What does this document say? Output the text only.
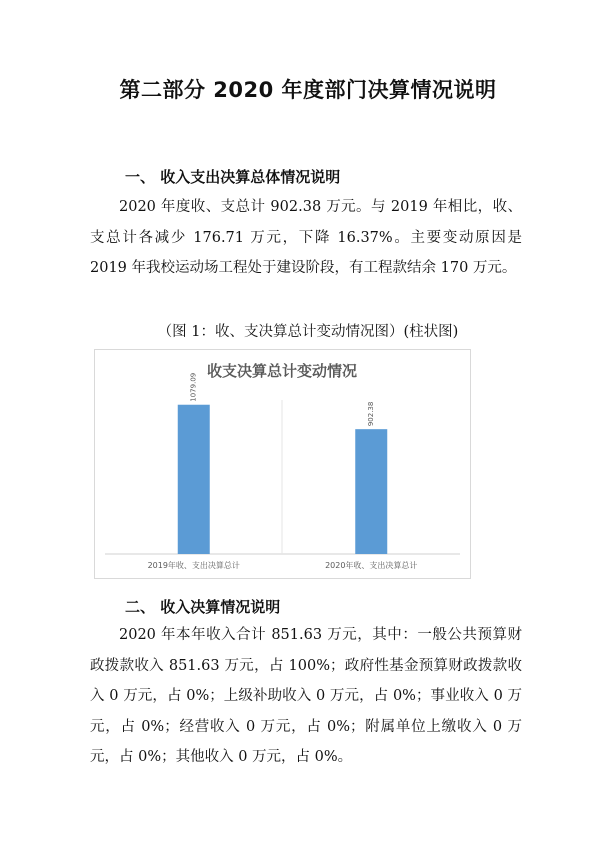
第二部分 2020 年度部门决算情况说明
一、 收入支出决算总体情况说明
2020 年度收、支总计 902.38 万元。与 2019 年相比，收、支总计各减少 176.71 万元，下降 16.37%。主要变动原因是 2019 年我校运动场工程处于建设阶段，有工程款结余 170 万元。
（图 1：收、支决算总计变动情况图）(柱状图)
收支决算总计变动情况
1079.09
2019年收、支出决算总计
902.38
2020年收、支出决算总计
二、 收入决算情况说明
2020 年本年收入合计 851.63 万元，其中：一般公共预算财政拨款收入 851.63 万元，占 100%；政府性基金预算财政拨款收入 0 万元，占 0%；上级补助收入 0 万元，占 0%；事业收入 0 万元，占 0%；经营收入 0 万元，占 0%；附属单位上缴收入 0 万元，占 0%；其他收入 0 万元，占 0%。
